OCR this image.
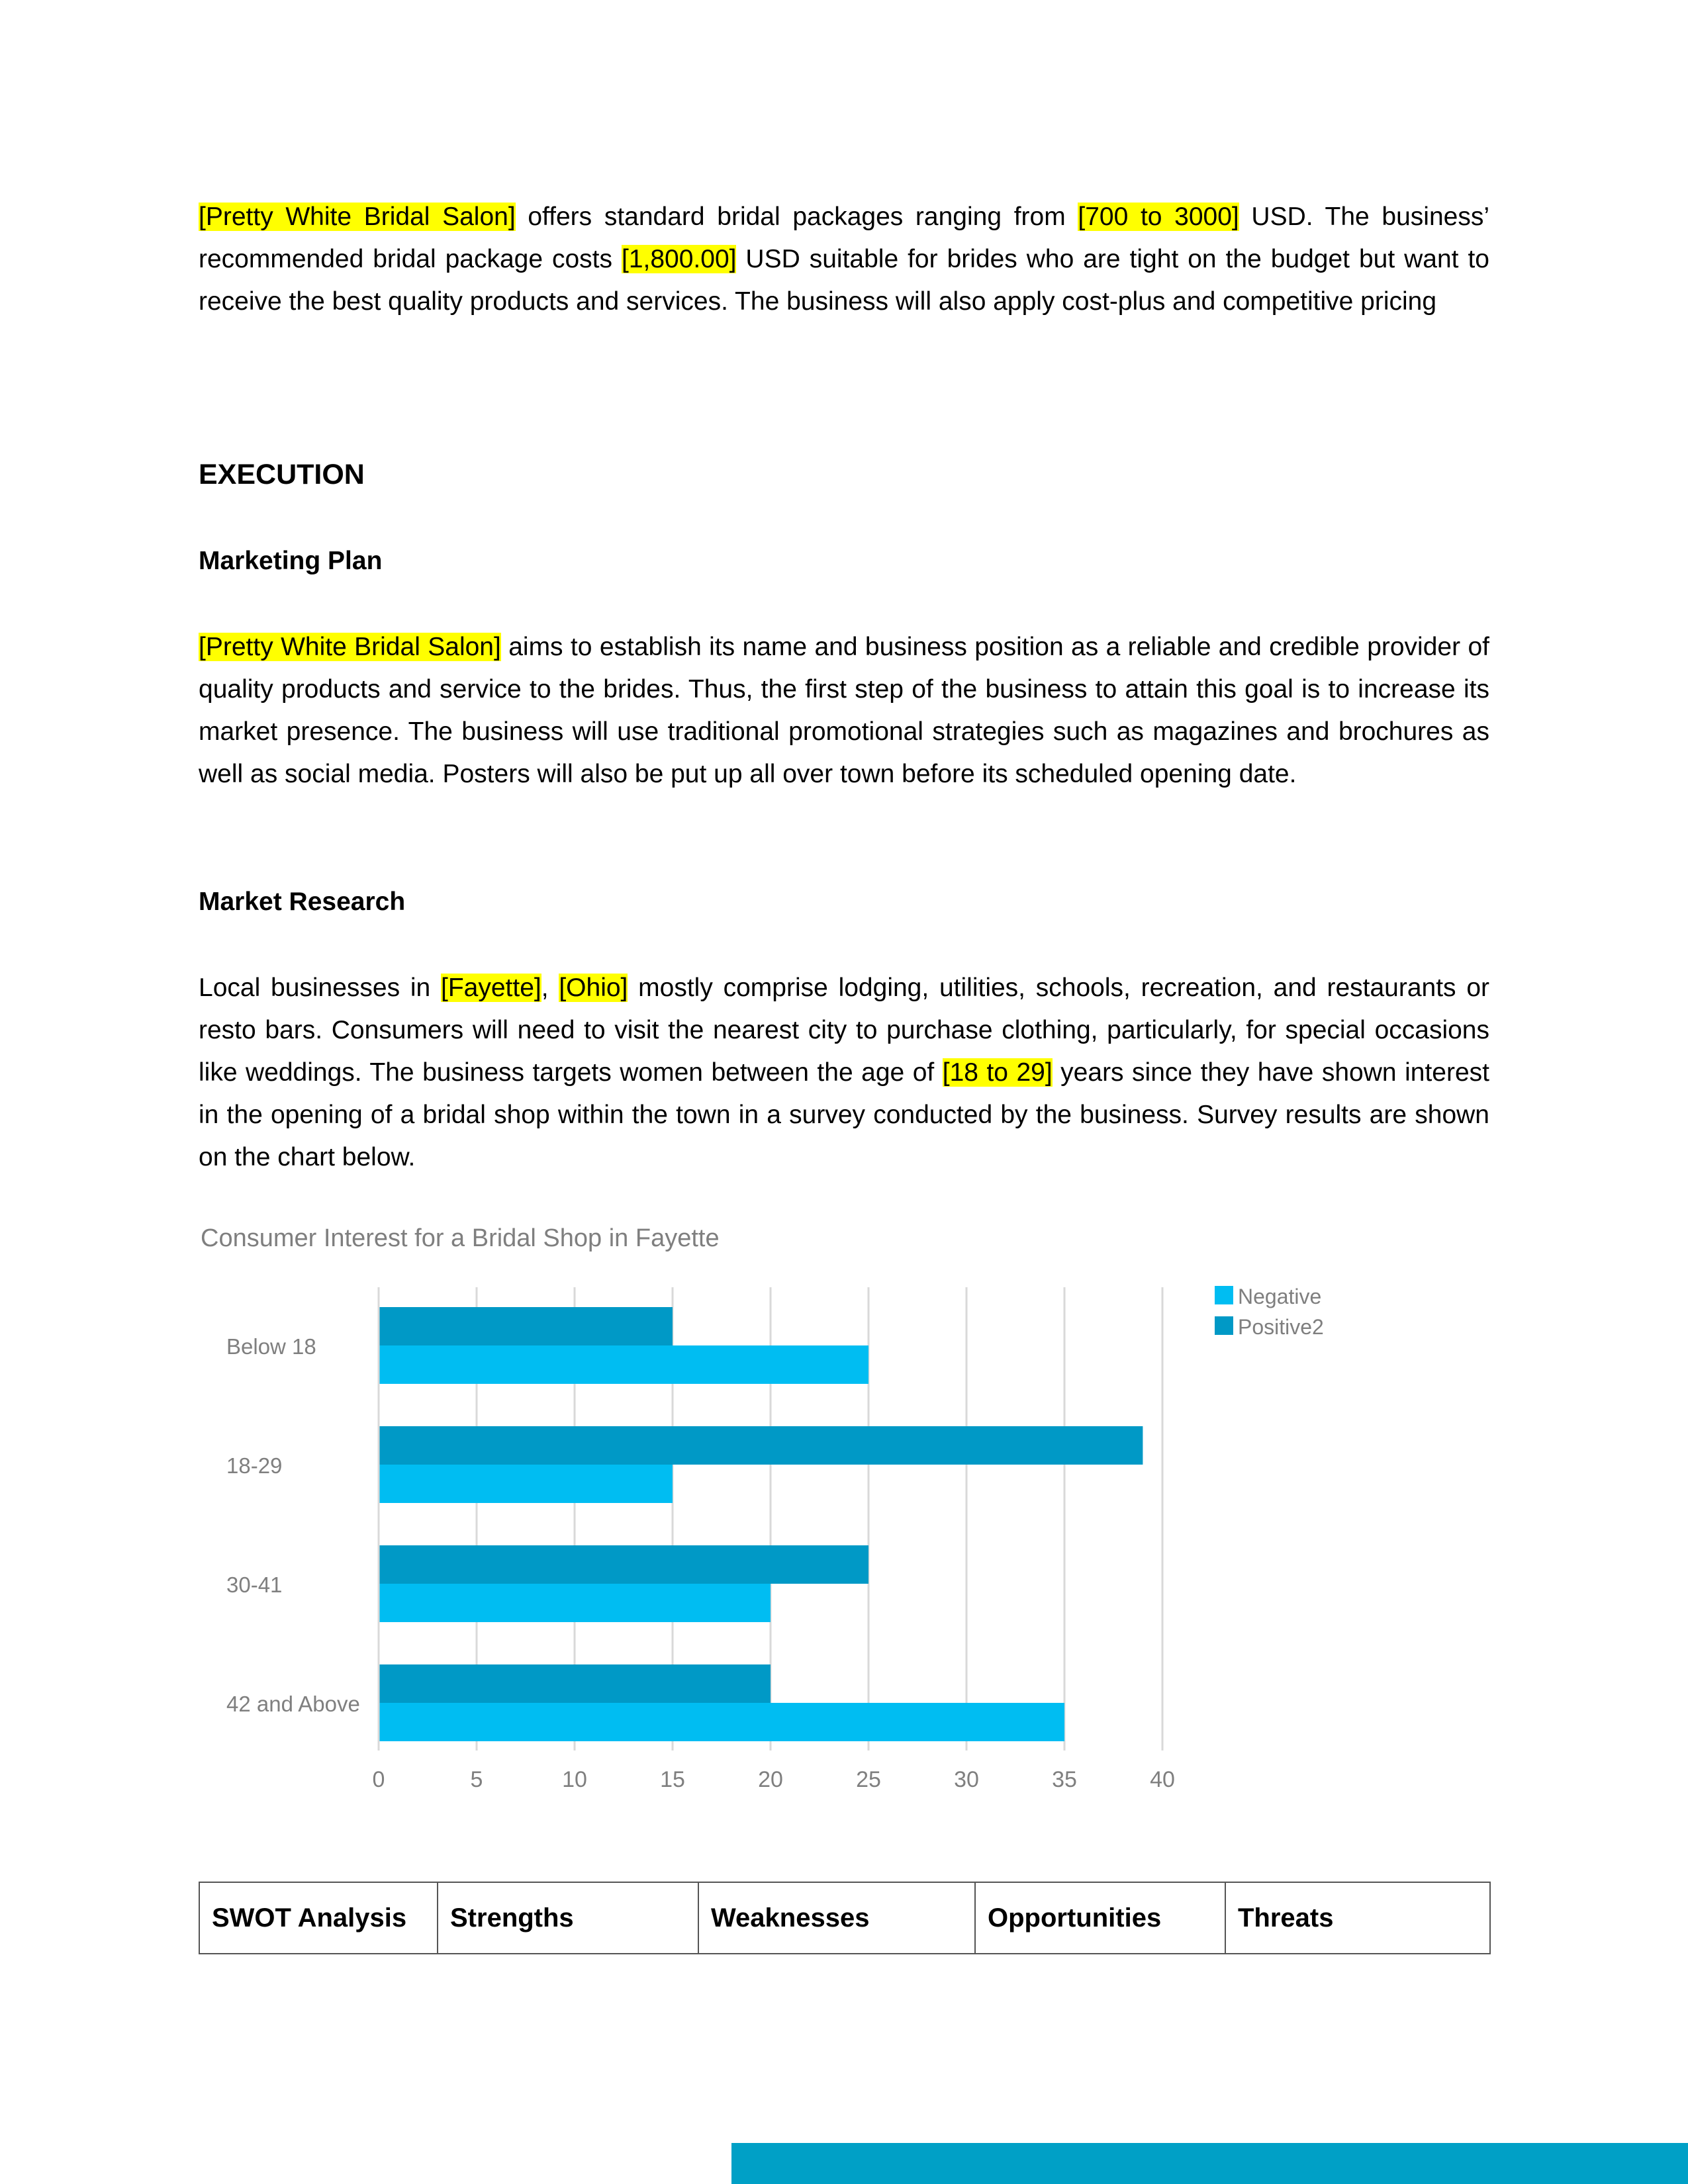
[Pretty White Bridal Salon] offers standard bridal packages ranging from [700 to 3000] USD. The business’ recommended bridal package costs [1,800.00] USD suitable for brides who are tight on the budget but want to receive the best quality products and services. The business will also apply cost-plus and competitive pricing

EXECUTION
Marketing Plan

[Pretty White Bridal Salon] aims to establish its name and business position as a reliable and credible provider of quality products and service to the brides. Thus, the first step of the business to attain this goal is to increase its market presence. The business will use traditional promotional strategies such as magazines and brochures as well as social media. Posters will also be put up all over town before its scheduled opening date.

Market Research

Local businesses in [Fayette], [Ohio] mostly comprise lodging, utilities, schools, recreation, and restaurants or resto bars. Consumers will need to visit the nearest city to purchase clothing, particularly, for special occasions like weddings. The business targets women between the age of [18 to 29] years since they have shown interest in the opening of a bridal shop within the town in a survey conducted by the business. Survey results are shown on the chart below.

Consumer Interest for a Bridal Shop in Fayette
0	5	10	15	20	25	30	35	40
Below 18
18-29
30-41
42 and Above
Negative
Positive2
SWOT Analysis	Strengths	Weaknesses	Opportunities	Threats
